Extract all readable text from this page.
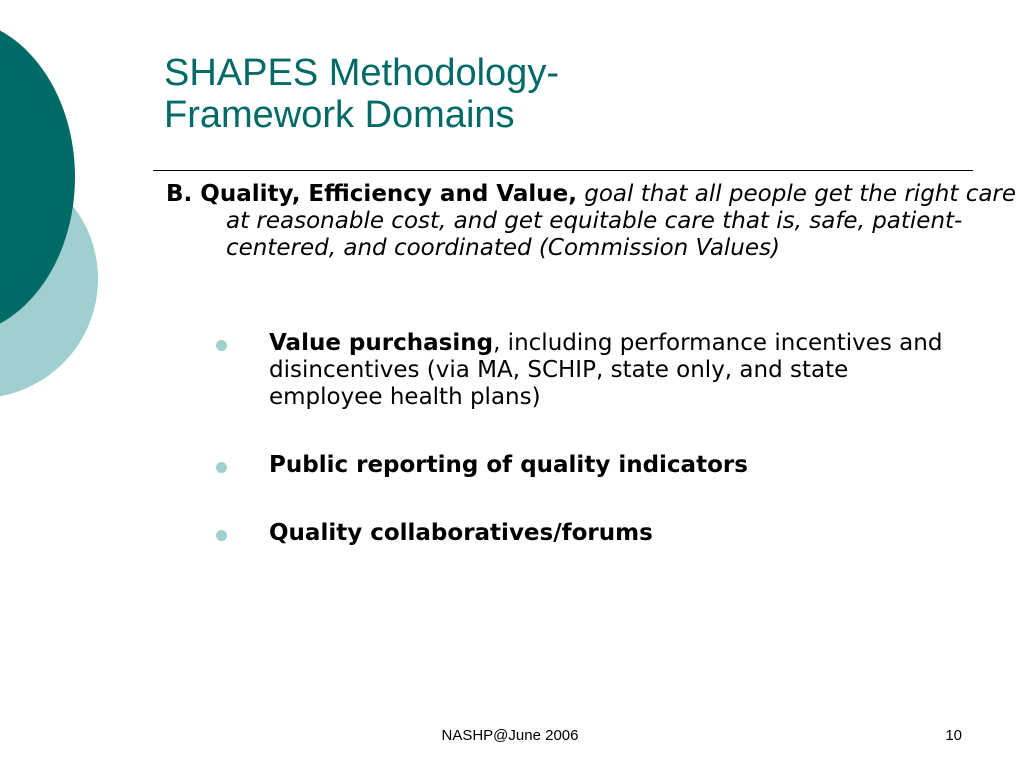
SHAPES Methodology-
Framework Domains

B. Quality, Efficiency and Value, goal that all people get the right care at reasonable cost, and get equitable care that is, safe, patient-centered, and coordinated (Commission Values)

Value purchasing, including performance incentives and disincentives (via MA, SCHIP, state only, and state employee health plans)
Public reporting of quality indicators
Quality collaboratives/forums
NASHP@June 2006	10
